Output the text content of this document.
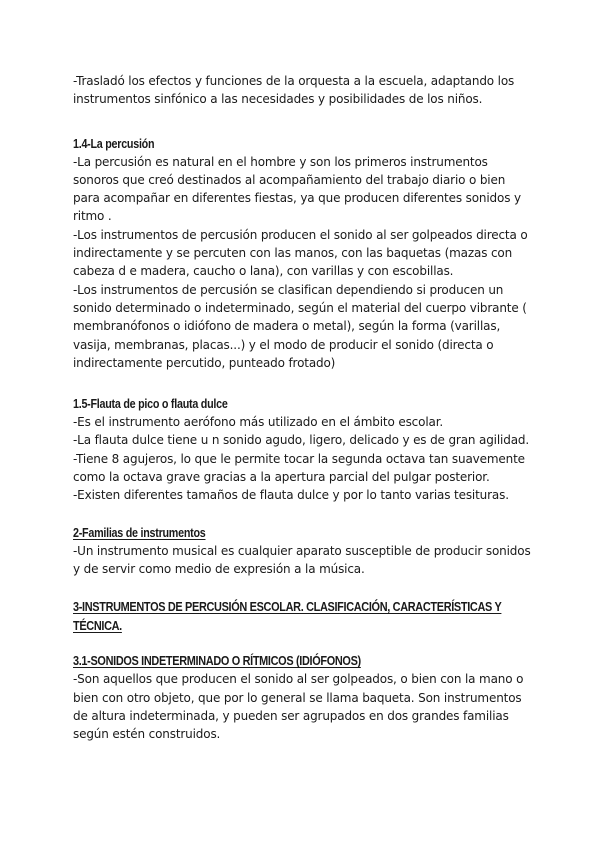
-Trasladó los efectos y funciones de la orquesta a la escuela, adaptando los instrumentos sinfónico a las necesidades y posibilidades de los niños.

1.4-La percusión

-La percusión es natural en el hombre y son los primeros instrumentos sonoros que creó destinados al acompañamiento del trabajo diario o bien para acompañar en diferentes fiestas, ya que producen diferentes sonidos y ritmo .

-Los instrumentos de percusión producen el sonido al ser golpeados directa o indirectamente y se percuten con las manos, con las baquetas (mazas con cabeza d e madera, caucho o lana), con varillas y con escobillas.

-Los instrumentos de percusión se clasifican dependiendo si producen un sonido determinado o indeterminado, según el material del cuerpo vibrante ( membranófonos o idiófono de madera o metal), según la forma (varillas, vasija, membranas, placas...) y el modo de producir el sonido (directa o indirectamente percutido, punteado frotado)

1.5-Flauta de pico o flauta dulce

-Es el instrumento aerófono más utilizado en el ámbito escolar.

-La flauta dulce tiene u n sonido agudo, ligero, delicado y es de gran agilidad.

-Tiene 8 agujeros, lo que le permite tocar la segunda octava tan suavemente como la octava grave gracias a la apertura parcial del pulgar posterior.

-Existen diferentes tamaños de flauta dulce y por lo tanto varias tesituras.

2-Familias de instrumentos

-Un instrumento musical es cualquier aparato susceptible de producir sonidos y de servir como medio de expresión a la música.

3-INSTRUMENTOS DE PERCUSIÓN ESCOLAR. CLASIFICACIÓN, CARACTERÍSTICAS Y TÉCNICA.
3.1-SONIDOS INDETERMINADO O RÍTMICOS (IDIÓFONOS)

-Son aquellos que producen el sonido al ser golpeados, o bien con la mano o bien con otro objeto, que por lo general se llama baqueta. Son instrumentos de altura indeterminada, y pueden ser agrupados en dos grandes familias según estén construidos.
